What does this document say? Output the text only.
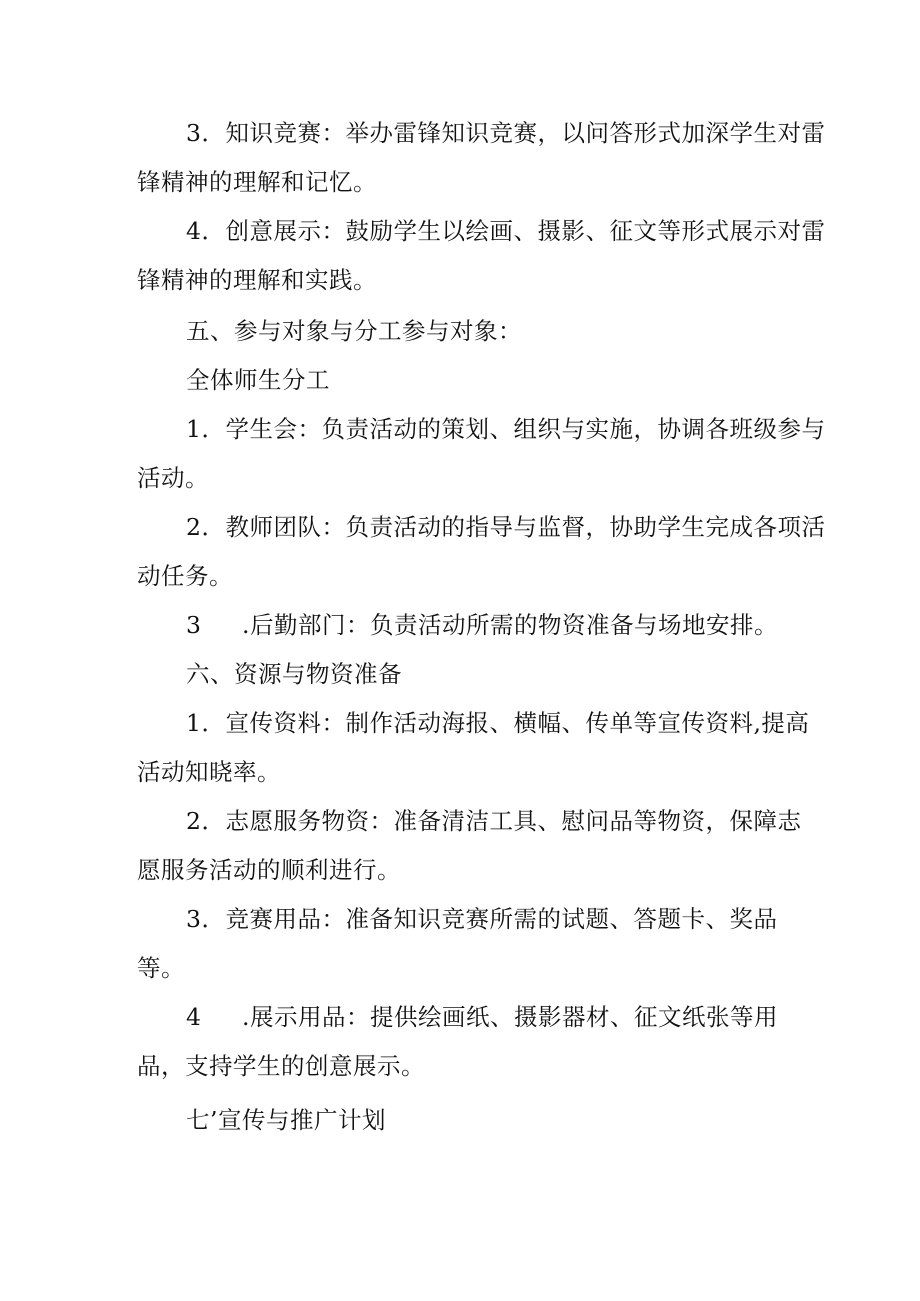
3．知识竞赛：举办雷锋知识竞赛，以问答形式加深学生对雷

锋精神的理解和记忆。

4．创意展示：鼓励学生以绘画、摄影、征文等形式展示对雷

锋精神的理解和实践。

五、参与对象与分工参与对象：

全体师生分工

1．学生会：负责活动的策划、组织与实施，协调各班级参与

活动。

2．教师团队：负责活动的指导与监督，协助学生完成各项活

动任务。

3 .后勤部门：负责活动所需的物资准备与场地安排。

六、资源与物资准备

1．宣传资料：制作活动海报、横幅、传单等宣传资料,提高

活动知晓率。

2．志愿服务物资：准备清洁工具、慰问品等物资，保障志

愿服务活动的顺利进行。

3．竞赛用品：准备知识竞赛所需的试题、答题卡、奖品

等。

4 .展示用品：提供绘画纸、摄影器材、征文纸张等用

品，支持学生的创意展示。

七’宣传与推广计划
